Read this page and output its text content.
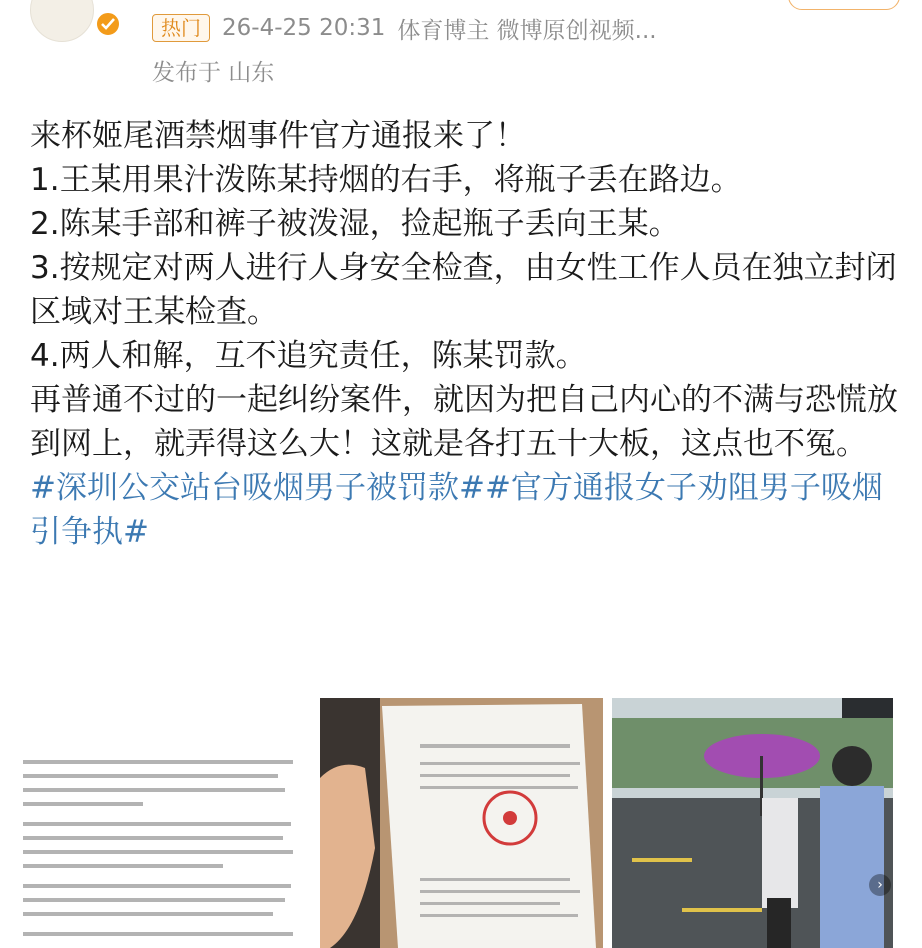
热门 26-4-25 20:31 体育博主 微博原创视频...
发布于 山东

来杯姬尾酒禁烟事件官方通报来了！

1.王某用果汁泼陈某持烟的右手，将瓶子丢在路边。

2.陈某手部和裤子被泼湿，捡起瓶子丢向王某。

3.按规定对两人进行人身安全检查，由女性工作人员在独立封闭区域对王某检查。

4.两人和解，互不追究责任，陈某罚款。

再普通不过的一起纠纷案件，就因为把自己内心的不满与恐慌放到网上，就弄得这么大！这就是各打五十大板，这点也不冤。

#深圳公交站台吸烟男子被罚款##官方通报女子劝阻男子吸烟引争执#

›
